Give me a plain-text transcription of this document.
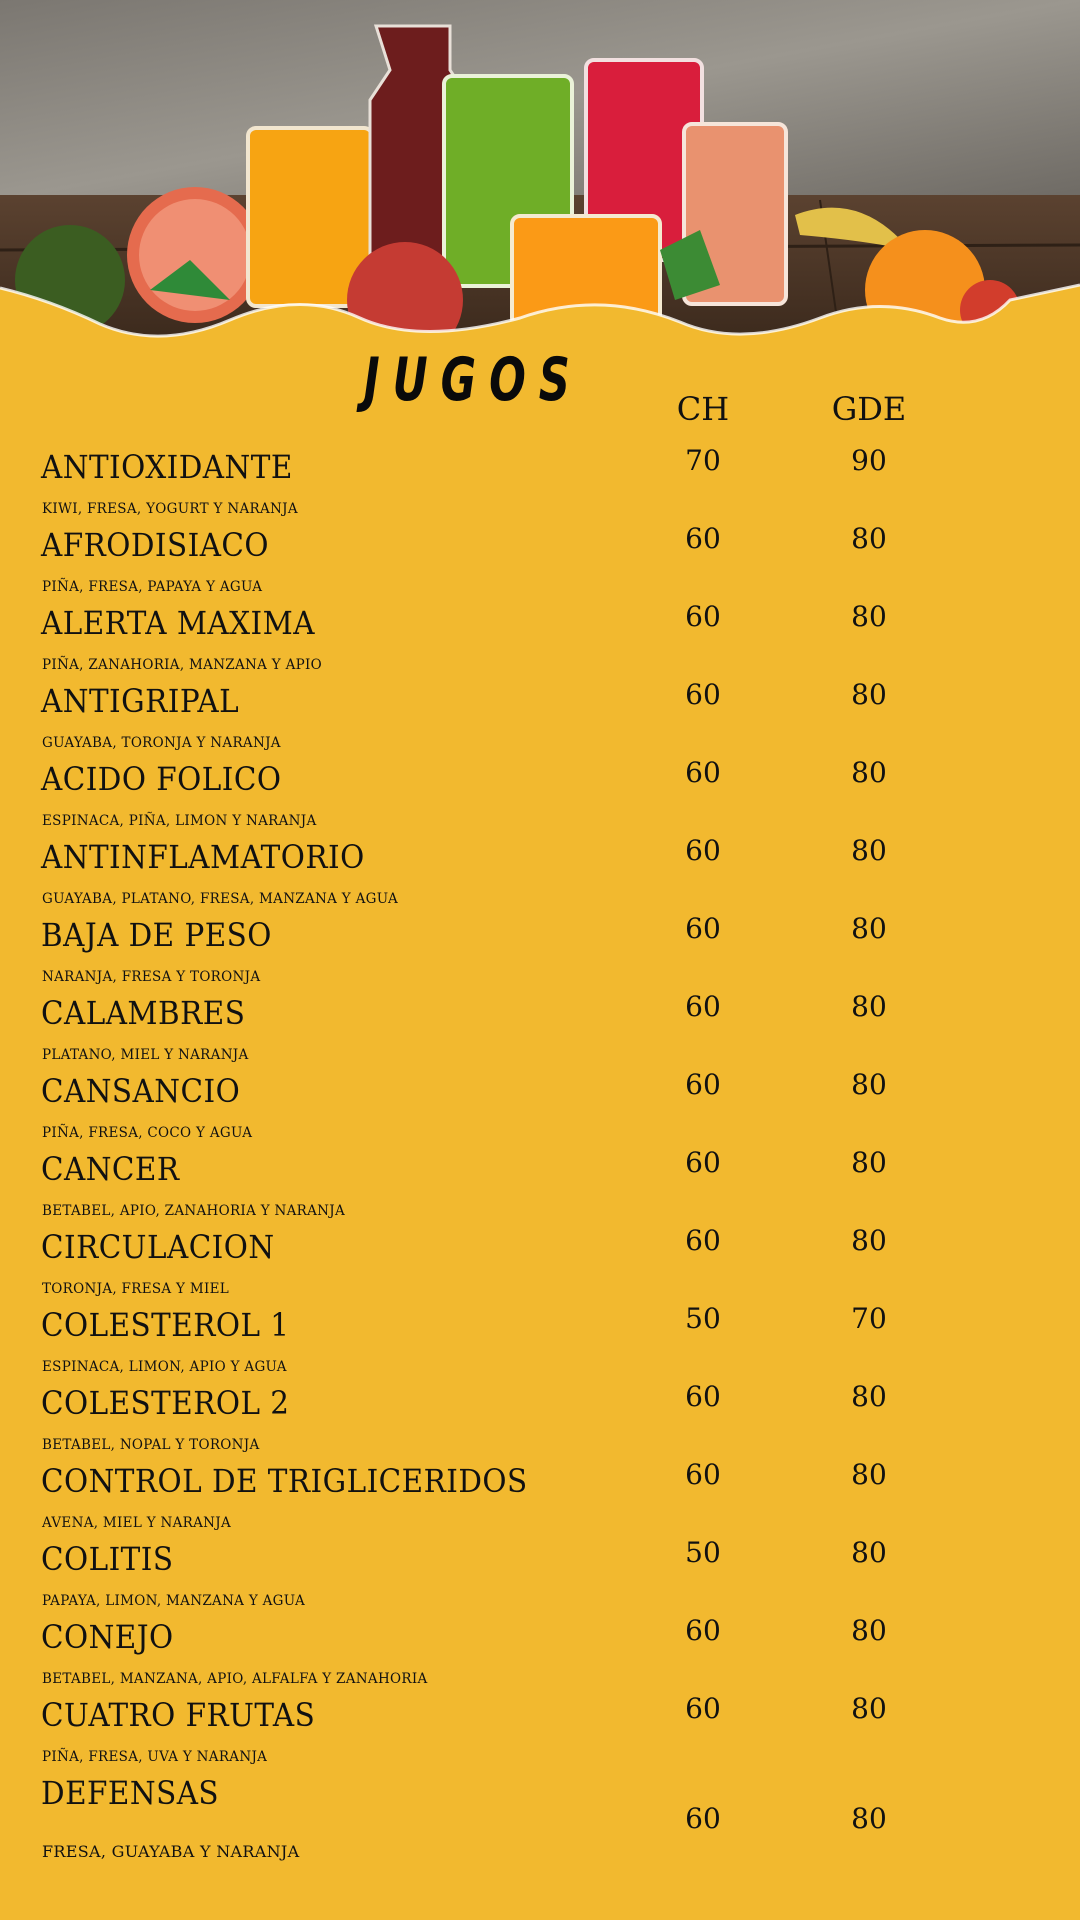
JUGOS	CH	GDE
ANTIOXIDANTE
KIWI, FRESA, YOGURT Y NARANJA
70	90
AFRODISIACO
PIÑA, FRESA, PAPAYA Y AGUA
60	80
ALERTA MAXIMA
PIÑA, ZANAHORIA, MANZANA Y APIO
60	80
ANTIGRIPAL
GUAYABA, TORONJA Y NARANJA
60	80
ACIDO FOLICO
ESPINACA, PIÑA, LIMON Y NARANJA
60	80
ANTINFLAMATORIO
GUAYABA, PLATANO, FRESA, MANZANA Y AGUA
60	80
BAJA DE PESO
NARANJA, FRESA Y TORONJA
60	80
CALAMBRES
PLATANO, MIEL Y NARANJA
60	80
CANSANCIO
PIÑA, FRESA, COCO Y AGUA
60	80
CANCER
BETABEL, APIO, ZANAHORIA Y NARANJA
60	80
CIRCULACION
TORONJA, FRESA Y MIEL
60	80
COLESTEROL 1
ESPINACA, LIMON, APIO Y AGUA
50	70
COLESTEROL 2
BETABEL, NOPAL Y TORONJA
60	80
CONTROL DE TRIGLICERIDOS
AVENA, MIEL Y NARANJA
60	80
COLITIS
PAPAYA, LIMON, MANZANA Y AGUA
50	80
CONEJO
BETABEL, MANZANA, APIO, ALFALFA Y ZANAHORIA
60	80
CUATRO FRUTAS
PIÑA, FRESA, UVA Y NARANJA
60	80
DEFENSAS
FRESA, GUAYABA Y NARANJA
60	80
